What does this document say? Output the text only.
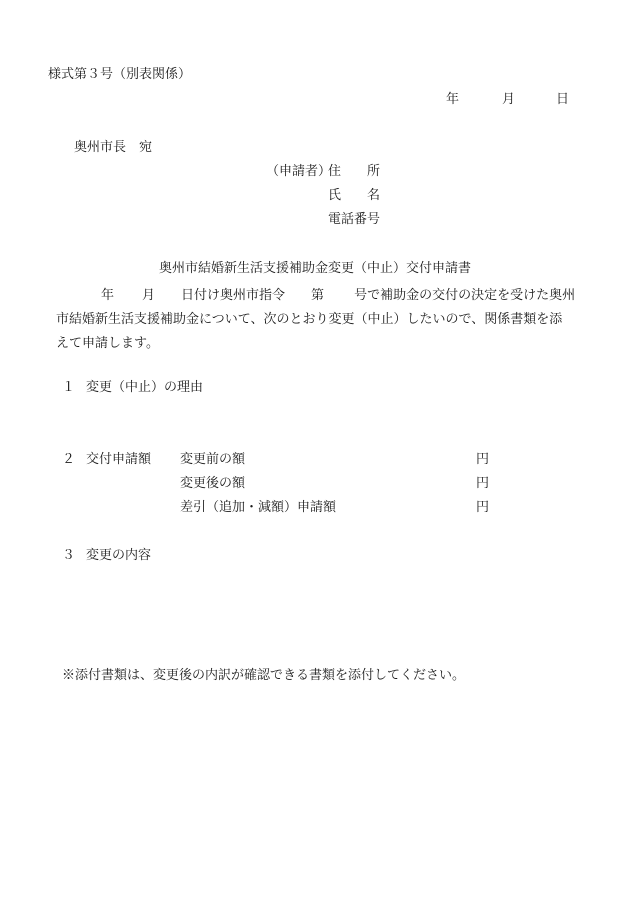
様式第３号（別表関係）
年	月	日
奥州市長　宛
（申請者）
住　　所
氏　　名
電話番号
奥州市結婚新生活支援補助金変更（中止）交付申請書
年 月 日付け奥州市指令 第 号で補助金の交付の決定を受けた奥州
市結婚新生活支援補助金について、次のとおり変更（中止）したいので、関係書類を添
えて申請します。
１ 変更（中止）の理由
２ 交付申請額 変更前の額	円
変更後の額	円
差引（追加・減額）申請額	円
３ 変更の内容
※添付書類は、変更後の内訳が確認できる書類を添付してください。
